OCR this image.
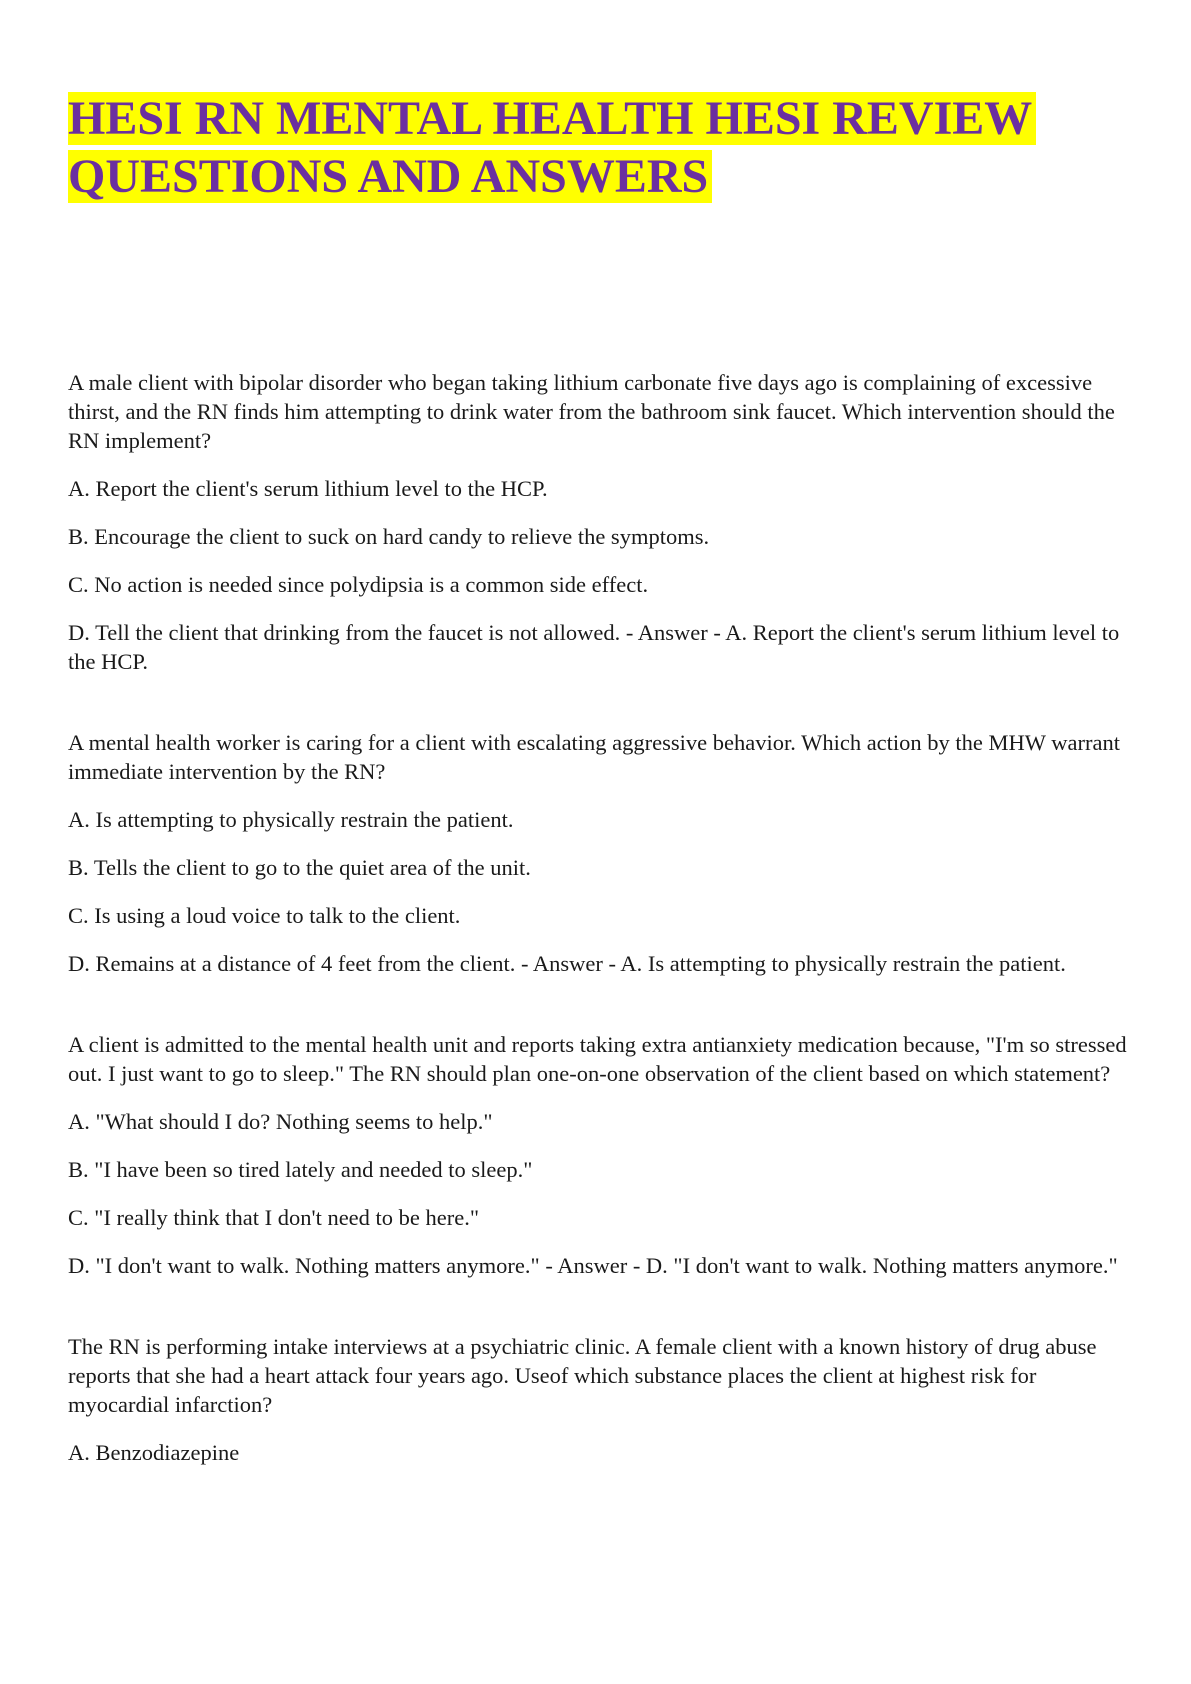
HESI RN MENTAL HEALTH HESI REVIEW
QUESTIONS AND ANSWERS

A male client with bipolar disorder who began taking lithium carbonate five days ago is complaining of excessive thirst, and the RN finds him attempting to drink water from the bathroom sink faucet. Which intervention should the RN implement?

A. Report the client's serum lithium level to the HCP.

B. Encourage the client to suck on hard candy to relieve the symptoms.

C. No action is needed since polydipsia is a common side effect.

D. Tell the client that drinking from the faucet is not allowed. - Answer - A. Report the client's serum lithium level to the HCP.

A mental health worker is caring for a client with escalating aggressive behavior. Which action by the MHW warrant immediate intervention by the RN?

A. Is attempting to physically restrain the patient.

B. Tells the client to go to the quiet area of the unit.

C. Is using a loud voice to talk to the client.

D. Remains at a distance of 4 feet from the client. - Answer - A. Is attempting to physically restrain the patient.

A client is admitted to the mental health unit and reports taking extra antianxiety medication because, "I'm so stressed out. I just want to go to sleep." The RN should plan one-on-one observation of the client based on which statement?

A. "What should I do? Nothing seems to help."

B. "I have been so tired lately and needed to sleep."

C. "I really think that I don't need to be here."

D. "I don't want to walk. Nothing matters anymore." - Answer - D. "I don't want to walk. Nothing matters anymore."

The RN is performing intake interviews at a psychiatric clinic. A female client with a known history of drug abuse reports that she had a heart attack four years ago. Useof which substance places the client at highest risk for myocardial infarction?

A. Benzodiazepine
